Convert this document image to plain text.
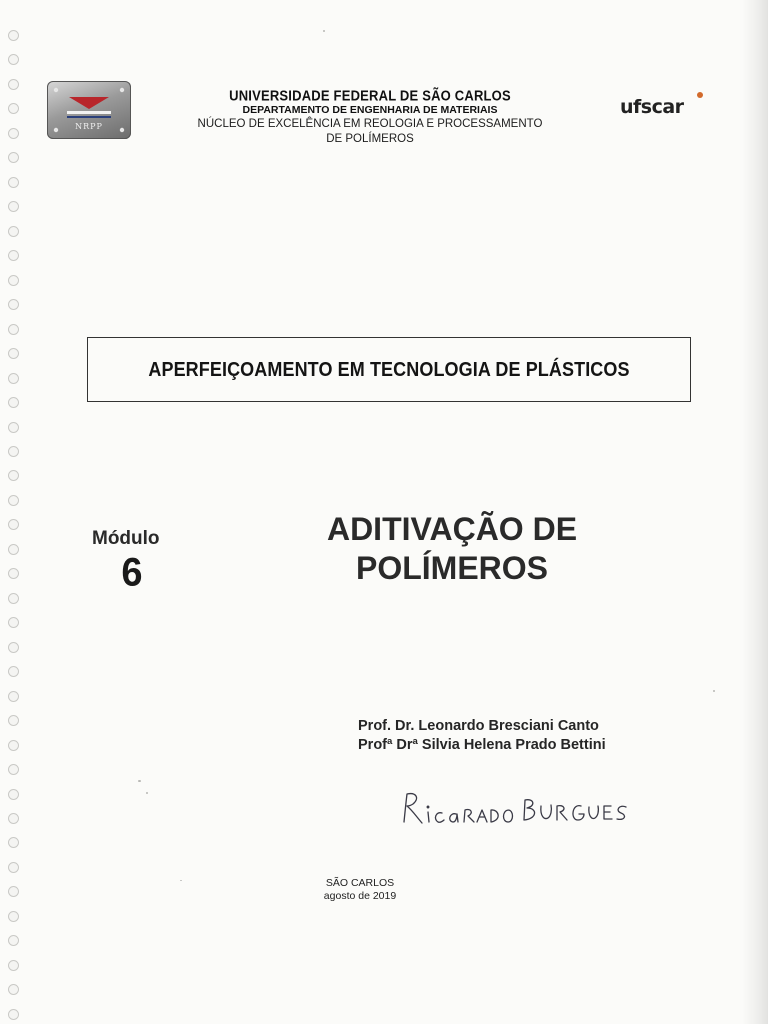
NRPP
UNIVERSIDADE FEDERAL DE SÃO CARLOS
DEPARTAMENTO DE ENGENHARIA DE MATERIAIS
NÚCLEO DE EXCELÊNCIA EM REOLOGIA E PROCESSAMENTO
DE POLÍMEROS
ufscar
APERFEIÇOAMENTO EM TECNOLOGIA DE PLÁSTICOS
Módulo
6
ADITIVAÇÃO DE
POLÍMEROS
Prof. Dr. Leonardo Bresciani Canto
Profª Drª Silvia Helena Prado Bettini
SÃO CARLOS
agosto de 2019
